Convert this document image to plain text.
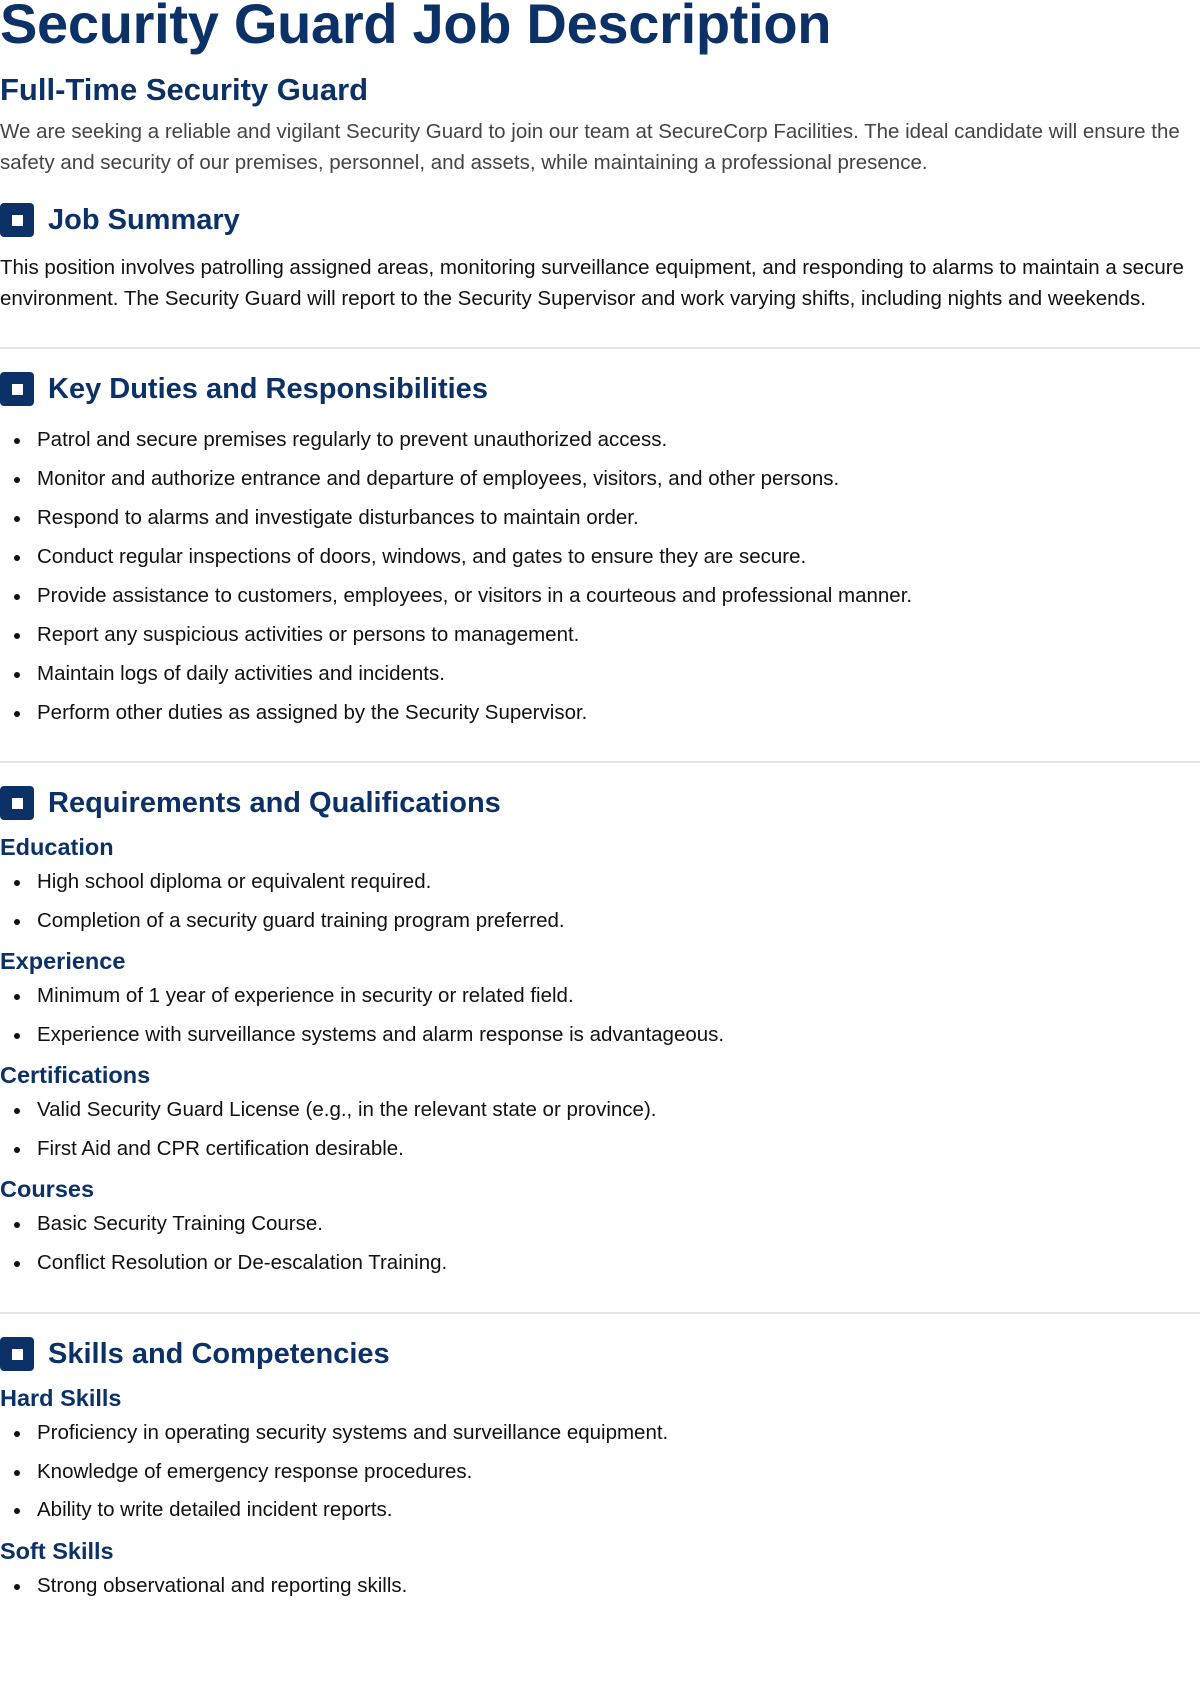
Security Guard Job Description
Full-Time Security Guard

We are seeking a reliable and vigilant Security Guard to join our team at SecureCorp Facilities. The ideal candidate will ensure the safety and security of our premises, personnel, and assets, while maintaining a professional presence.

Job Summary

This position involves patrolling assigned areas, monitoring surveillance equipment, and responding to alarms to maintain a secure environment. The Security Guard will report to the Security Supervisor and work varying shifts, including nights and weekends.

Key Duties and Responsibilities
Patrol and secure premises regularly to prevent unauthorized access.
Monitor and authorize entrance and departure of employees, visitors, and other persons.
Respond to alarms and investigate disturbances to maintain order.
Conduct regular inspections of doors, windows, and gates to ensure they are secure.
Provide assistance to customers, employees, or visitors in a courteous and professional manner.
Report any suspicious activities or persons to management.
Maintain logs of daily activities and incidents.
Perform other duties as assigned by the Security Supervisor.
Requirements and Qualifications
Education
High school diploma or equivalent required.
Completion of a security guard training program preferred.
Experience
Minimum of 1 year of experience in security or related field.
Experience with surveillance systems and alarm response is advantageous.
Certifications
Valid Security Guard License (e.g., in the relevant state or province).
First Aid and CPR certification desirable.
Courses
Basic Security Training Course.
Conflict Resolution or De-escalation Training.
Skills and Competencies
Hard Skills
Proficiency in operating security systems and surveillance equipment.
Knowledge of emergency response procedures.
Ability to write detailed incident reports.
Soft Skills
Strong observational and reporting skills.
